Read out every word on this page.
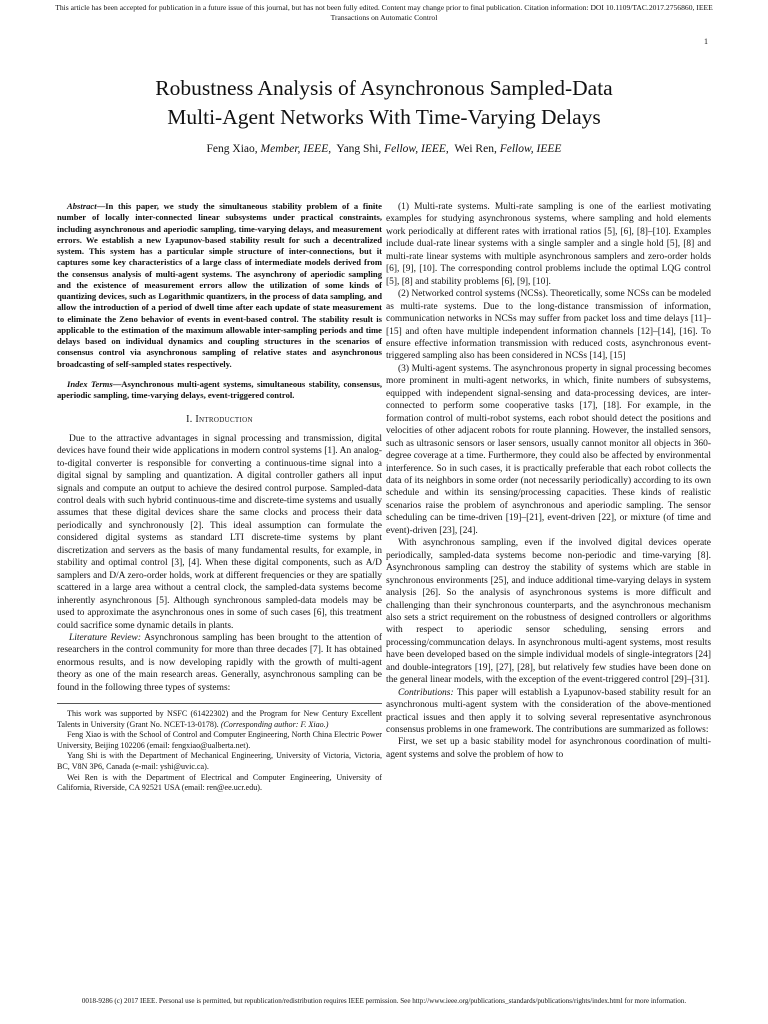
This article has been accepted for publication in a future issue of this journal, but has not been fully edited. Content may change prior to final publication. Citation information: DOI 10.1109/TAC.2017.2756860, IEEE
Transactions on Automatic Control
1
Robustness Analysis of Asynchronous Sampled-Data
Multi-Agent Networks With Time-Varying Delays
Feng Xiao, Member, IEEE, Yang Shi, Fellow, IEEE, Wei Ren, Fellow, IEEE

Abstract—In this paper, we study the simultaneous stability problem of a finite number of locally inter-connected linear subsystems under practical constraints, including asynchronous and aperiodic sampling, time-varying delays, and measurement errors. We establish a new Lyapunov-based stability result for such a decentralized system. This system has a particular simple structure of inter-connections, but it captures some key characteristics of a large class of intermediate models derived from the consensus analysis of multi-agent systems. The asynchrony of aperiodic sampling and the existence of measurement errors allow the utilization of some kinds of quantizing devices, such as Logarithmic quantizers, in the process of data sampling, and allow the introduction of a period of dwell time after each update of state measurement to eliminate the Zeno behavior of events in event-based control. The stability result is applicable to the estimation of the maximum allowable inter-sampling periods and time delays based on individual dynamics and coupling structures in the scenarios of consensus control via asynchronous sampling of relative states and asynchronous broadcasting of self-sampled states respectively.

Index Terms—Asynchronous multi-agent systems, simultaneous stability, consensus, aperiodic sampling, time-varying delays, event-triggered control.

I. Introduction

Due to the attractive advantages in signal processing and transmission, digital devices have found their wide applications in modern control systems [1]. An analog-to-digital converter is responsible for converting a continuous-time signal into a digital signal by sampling and quantization. A digital controller gathers all input signals and compute an output to achieve the desired control purpose. Sampled-data control deals with such hybrid continuous-time and discrete-time systems and usually assumes that these digital devices share the same clocks and process their data periodically and synchronously [2]. This ideal assumption can formulate the considered digital systems as standard LTI discrete-time systems by plant discretization and servers as the basis of many fundamental results, for example, in stability and optimal control [3], [4]. When these digital components, such as A/D samplers and D/A zero-order holds, work at different frequencies or they are spatially scattered in a large area without a central clock, the sampled-data systems become inherently asynchronous [5]. Although synchronous sampled-data models may be used to approximate the asynchronous ones in some of such cases [6], this treatment could sacrifice some dynamic details in plants.

Literature Review: Asynchronous sampling has been brought to the attention of researchers in the control community for more than three decades [7]. It has obtained enormous results, and is now developing rapidly with the growth of multi-agent theory as one of the main research areas. Generally, asynchronous sampling can be found in the following three types of systems:

This work was supported by NSFC (61422302) and the Program for New Century Excellent Talents in University (Grant No. NCET-13-0178). (Corresponding author: F. Xiao.)

Feng Xiao is with the School of Control and Computer Engineering, North China Electric Power University, Beijing 102206 (email: fengxiao@ualberta.net).

Yang Shi is with the Department of Mechanical Engineering, University of Victoria, Victoria, BC, V8N 3P6, Canada (e-mail: yshi@uvic.ca).

Wei Ren is with the Department of Electrical and Computer Engineering, University of California, Riverside, CA 92521 USA (email: ren@ee.ucr.edu).

(1) Multi-rate systems. Multi-rate sampling is one of the earliest motivating examples for studying asynchronous systems, where sampling and hold elements work periodically at different rates with irrational ratios [5], [6], [8]–[10]. Examples include dual-rate linear systems with a single sampler and a single hold [5], [8] and multi-rate linear systems with multiple asynchronous samplers and zero-order holds [6], [9], [10]. The corresponding control problems include the optimal LQG control [5], [8] and stability problems [6], [9], [10].

(2) Networked control systems (NCSs). Theoretically, some NCSs can be modeled as multi-rate systems. Due to the long-distance transmission of information, communication networks in NCSs may suffer from packet loss and time delays [11]–[15] and often have multiple independent information channels [12]–[14], [16]. To ensure effective information transmission with reduced costs, asynchronous event-triggered sampling also has been considered in NCSs [14], [15]

(3) Multi-agent systems. The asynchronous property in signal processing becomes more prominent in multi-agent networks, in which, finite numbers of subsystems, equipped with independent signal-sensing and data-processing devices, are inter-connected to perform some cooperative tasks [17], [18]. For example, in the formation control of multi-robot systems, each robot should detect the positions and velocities of other adjacent robots for route planning. However, the installed sensors, such as ultrasonic sensors or laser sensors, usually cannot monitor all objects in 360-degree coverage at a time. Furthermore, they could also be affected by environmental interference. So in such cases, it is practically preferable that each robot collects the data of its neighbors in some order (not necessarily periodically) according to its own schedule and within its sensing/processing capacities. These kinds of realistic scenarios raise the problem of asynchronous and aperiodic sampling. The sensor scheduling can be time-driven [19]–[21], event-driven [22], or mixture (of time and event)-driven [23], [24].

With asynchronous sampling, even if the involved digital devices operate periodically, sampled-data systems become non-periodic and time-varying [8]. Asynchronous sampling can destroy the stability of systems which are stable in synchronous environments [25], and induce additional time-varying delays in system analysis [26]. So the analysis of asynchronous systems is more difficult and challenging than their synchronous counterparts, and the asynchronous mechanism also sets a strict requirement on the robustness of designed controllers or algorithms with respect to aperiodic sensor scheduling, sensing errors and processing/communcation delays. In asynchronous multi-agent systems, most results have been developed based on the simple individual models of single-integrators [24] and double-integrators [19], [27], [28], but relatively few studies have been done on the general linear models, with the exception of the event-triggered control [29]–[31].

Contributions: This paper will establish a Lyapunov-based stability result for an asynchronous multi-agent system with the consideration of the above-mentioned practical issues and then apply it to solving several representative asynchronous consensus problems in one framework. The contributions are summarized as follows:

First, we set up a basic stability model for asynchronous coordination of multi-agent systems and solve the problem of how to

0018-9286 (c) 2017 IEEE. Personal use is permitted, but republication/redistribution requires IEEE permission. See http://www.ieee.org/publications_standards/publications/rights/index.html for more information.
